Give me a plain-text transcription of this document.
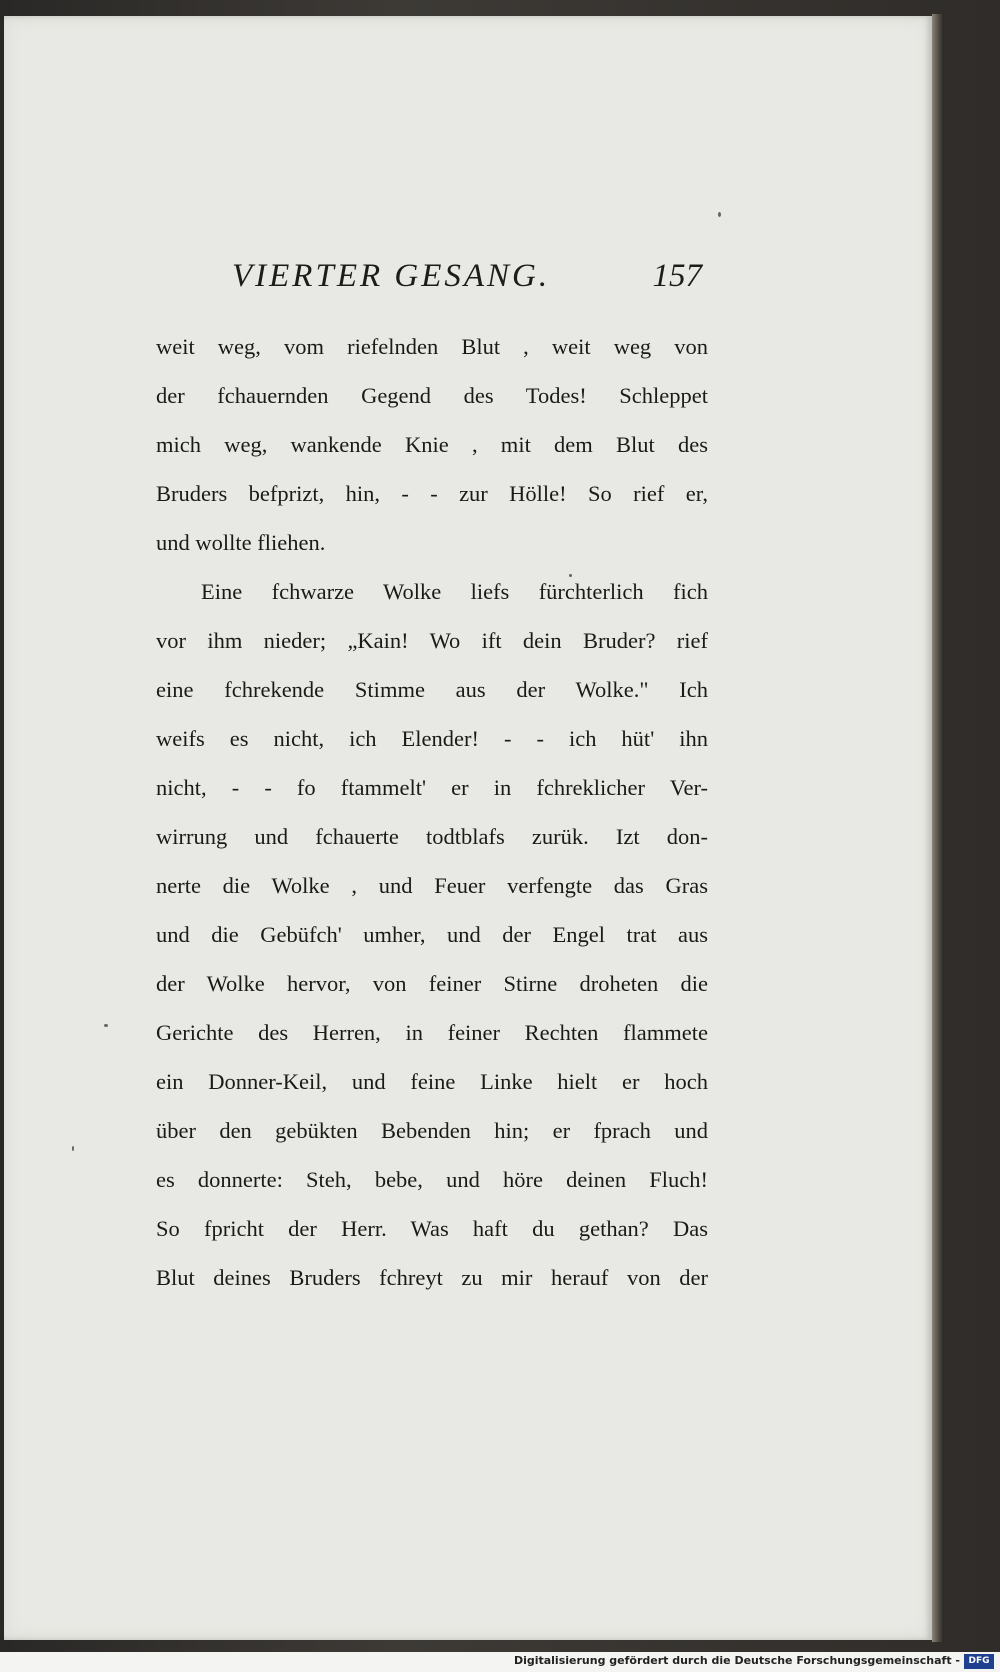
VIERTER GESANG.	157
weit weg, vom riefelnden Blut , weit weg von
der fchauernden Gegend des Todes! Schleppet
mich weg, wankende Knie , mit dem Blut des
Bruders befprizt, hin, - - zur Hölle! So rief er,
und wollte fliehen.
Eine fchwarze Wolke liefs fürchterlich fich
vor ihm nieder; „Kain! Wo ift dein Bruder? rief
eine fchrekende Stimme aus der Wolke." Ich
weifs es nicht, ich Elender! - - ich hüt' ihn
nicht, - - fo ftammelt' er in fchreklicher Ver-
wirrung und fchauerte todtblafs zurük. Izt don-
nerte die Wolke , und Feuer verfengte das Gras
und die Gebüfch' umher, und der Engel trat aus
der Wolke hervor, von feiner Stirne droheten die
Gerichte des Herren, in feiner Rechten flammete
ein Donner-Keil, und feine Linke hielt er hoch
über den gebükten Bebenden hin; er fprach und
es donnerte: Steh, bebe, und höre deinen Fluch!
So fpricht der Herr. Was haft du gethan? Das
Blut deines Bruders fchreyt zu mir herauf von der
Digitalisierung gefördert durch die Deutsche Forschungsgemeinschaft - DFG
